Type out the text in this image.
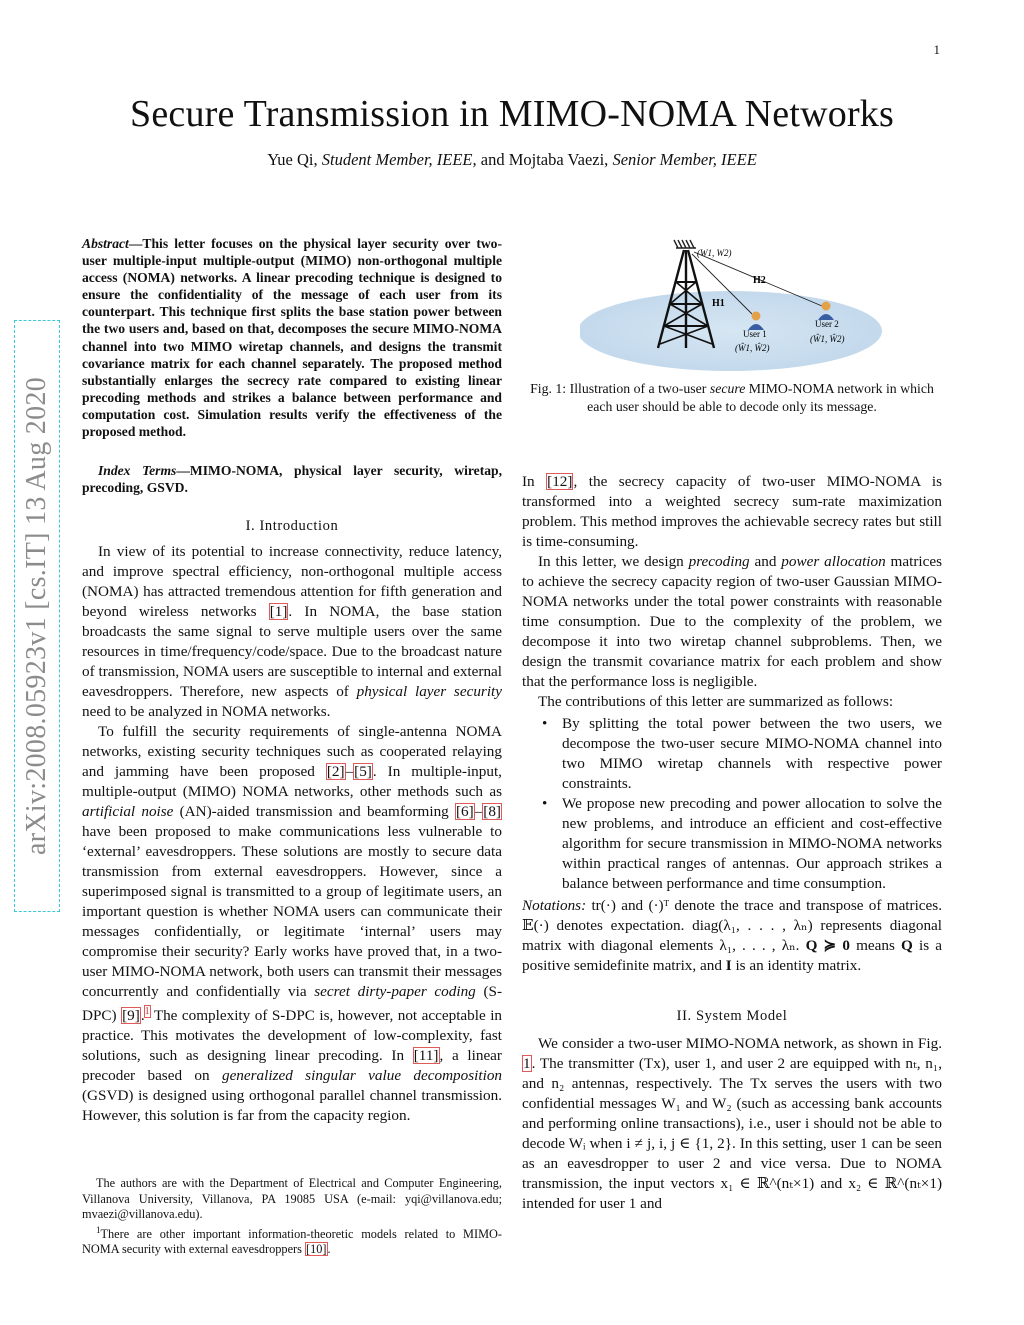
1
Secure Transmission in MIMO-NOMA Networks
Yue Qi, Student Member, IEEE, and Mojtaba Vaezi, Senior Member, IEEE
arXiv:2008.05923v1 [cs.IT] 13 Aug 2020
Abstract—This letter focuses on the physical layer security over two-user multiple-input multiple-output (MIMO) non-orthogonal multiple access (NOMA) networks. A linear precoding technique is designed to ensure the confidentiality of the message of each user from its counterpart. This technique first splits the base station power between the two users and, based on that, decomposes the secure MIMO-NOMA channel into two MIMO wiretap channels, and designs the transmit covariance matrix for each channel separately. The proposed method substantially enlarges the secrecy rate compared to existing linear precoding methods and strikes a balance between performance and computation cost. Simulation results verify the effectiveness of the proposed method.
Index Terms—MIMO-NOMA, physical layer security, wiretap, precoding, GSVD.
I. Introduction

In view of its potential to increase connectivity, reduce latency, and improve spectral efficiency, non-orthogonal multiple access (NOMA) has attracted tremendous attention for fifth generation and beyond wireless networks [1]. In NOMA, the base station broadcasts the same signal to serve multiple users over the same resources in time/frequency/code/space. Due to the broadcast nature of transmission, NOMA users are susceptible to internal and external eavesdroppers. Therefore, new aspects of physical layer security need to be analyzed in NOMA networks.

To fulfill the security requirements of single-antenna NOMA networks, existing security techniques such as cooperated relaying and jamming have been proposed [2]–[5]. In multiple-input, multiple-output (MIMO) NOMA networks, other methods such as artificial noise (AN)-aided transmission and beamforming [6]–[8] have been proposed to make communications less vulnerable to ‘external’ eavesdroppers. These solutions are mostly to secure data transmission from external eavesdroppers. However, since a superimposed signal is transmitted to a group of legitimate users, an important question is whether NOMA users can communicate their messages confidentially, or legitimate ‘internal’ users may compromise their security? Early works have proved that, in a two-user MIMO-NOMA network, both users can transmit their messages concurrently and confidentially via secret dirty-paper coding (S-DPC) [9].$^1$ The complexity of S-DPC is, however, not acceptable in practice. This motivates the development of low-complexity, fast solutions, such as designing linear precoding. In [11], a linear precoder based on generalized singular value decomposition (GSVD) is designed using orthogonal parallel channel transmission. However, this solution is far from the capacity region.

The authors are with the Department of Electrical and Computer Engineering, Villanova University, Villanova, PA 19085 USA (e-mail: yqi@villanova.edu; mvaezi@villanova.edu).

$^1$There are other important information-theoretic models related to MIMO-NOMA security with external eavesdroppers [10].

(W1, W2)
H1
H2
User 1
(Ŵ1, Ŵ2)
User 2
(Ŵ1, Ŵ2)
Fig. 1: Illustration of a two-user secure MIMO-NOMA network in which each user should be able to decode only its message.

In [12], the secrecy capacity of two-user MIMO-NOMA is transformed into a weighted secrecy sum-rate maximization problem. This method improves the achievable secrecy rates but still is time-consuming.

In this letter, we design precoding and power allocation matrices to achieve the secrecy capacity region of two-user Gaussian MIMO-NOMA networks under the total power constraints with reasonable time consumption. Due to the complexity of the problem, we decompose it into two wiretap channel subproblems. Then, we design the transmit covariance matrix for each problem and show that the performance loss is negligible.

The contributions of this letter are summarized as follows:

• By splitting the total power between the two users, we decompose the two-user secure MIMO-NOMA channel into two MIMO wiretap channels with respective power constraints.
• We propose new precoding and power allocation to solve the new problems, and introduce an efficient and cost-effective algorithm for secure transmission in MIMO-NOMA networks within practical ranges of antennas. Our approach strikes a balance between performance and time consumption.

Notations: tr(·) and (·)ᵀ denote the trace and transpose of matrices. 𝔼(·) denotes expectation. diag(λ₁, . . . , λₙ) represents diagonal matrix with diagonal elements λ₁, . . . , λₙ. Q ≽ 0 means Q is a positive semidefinite matrix, and I is an identity matrix.

II. System Model

We consider a two-user MIMO-NOMA network, as shown in Fig. 1. The transmitter (Tx), user 1, and user 2 are equipped with nₜ, n₁, and n₂ antennas, respectively. The Tx serves the users with two confidential messages W₁ and W₂ (such as accessing bank accounts and performing online transactions), i.e., user i should not be able to decode Wᵢ when i ≠ j, i, j ∈ {1, 2}. In this setting, user 1 can be seen as an eavesdropper to user 2 and vice versa. Due to NOMA transmission, the input vectors x₁ ∈ ℝ^(nₜ×1) and x₂ ∈ ℝ^(nₜ×1) intended for user 1 and
